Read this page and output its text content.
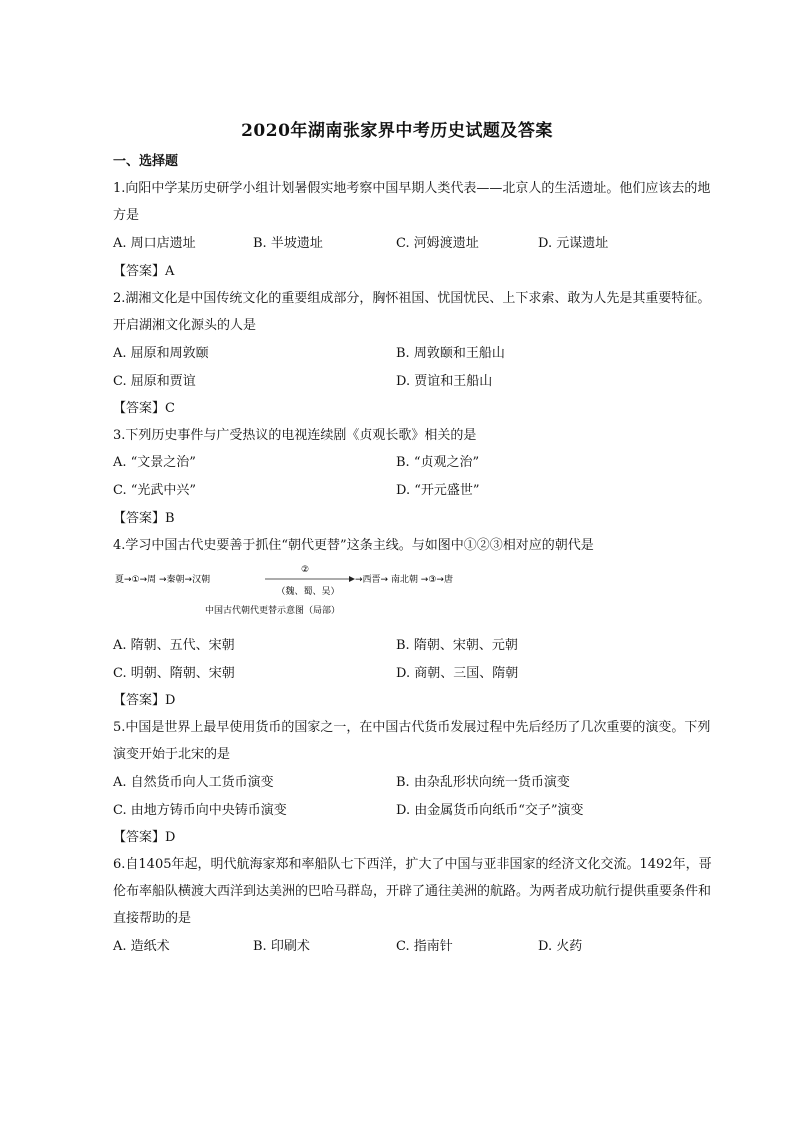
2020年湖南张家界中考历史试题及答案
一、选择题
1.向阳中学某历史研学小组计划暑假实地考察中国早期人类代表——北京人的生活遗址。他们应该去的地
方是
A. 周口店遗址	B. 半坡遗址	C. 河姆渡遗址	D. 元谋遗址
【答案】A
2.湖湘文化是中国传统文化的重要组成部分，胸怀祖国、忧国忧民、上下求索、敢为人先是其重要特征。
开启湖湘文化源头的人是
A. 屈原和周敦颐	B. 周敦颐和王船山
C. 屈原和贾谊	D. 贾谊和王船山
【答案】C
3.下列历史事件与广受热议的电视连续剧《贞观长歌》相关的是
A. “文景之治”	B. “贞观之治”
C. “光武中兴”	D. “开元盛世”
【答案】B
4.学习中国古代史要善于抓住“朝代更替”这条主线。与如图中①②③相对应的朝代是
夏→①→周 →秦朝→汉朝
②
→西晋→ 南北朝 →③→唐
（魏、蜀、吴）
中国古代朝代更替示意图（局部）
A. 隋朝、五代、宋朝	B. 隋朝、宋朝、元朝
C. 明朝、隋朝、宋朝	D. 商朝、三国、隋朝
【答案】D
5.中国是世界上最早使用货币的国家之一，在中国古代货币发展过程中先后经历了几次重要的演变。下列
演变开始于北宋的是
A. 自然货币向人工货币演变	B. 由杂乱形状向统一货币演变
C. 由地方铸币向中央铸币演变	D. 由金属货币向纸币“交子”演变
【答案】D
6.自1405年起，明代航海家郑和率船队七下西洋，扩大了中国与亚非国家的经济文化交流。1492年，哥
伦布率船队横渡大西洋到达美洲的巴哈马群岛，开辟了通往美洲的航路。为两者成功航行提供重要条件和
直接帮助的是
A. 造纸术	B. 印刷术	C. 指南针	D. 火药
